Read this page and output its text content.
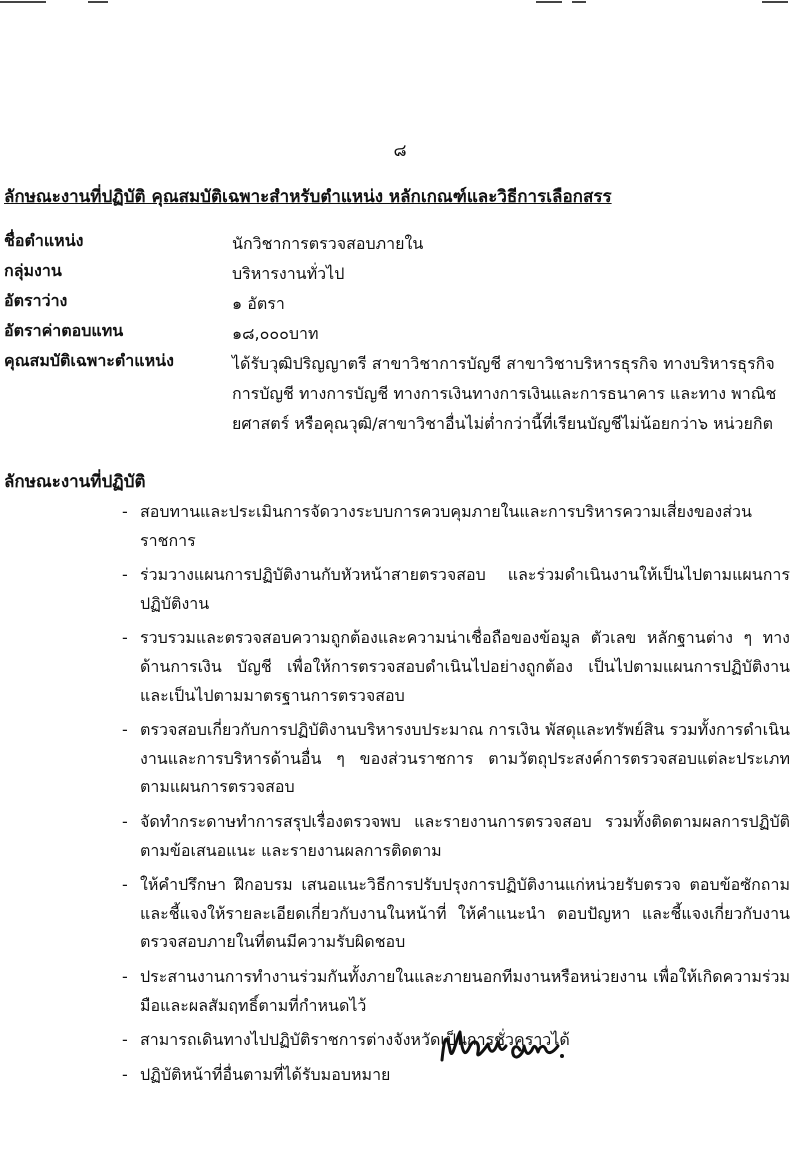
๘
ลักษณะงานที่ปฏิบัติ คุณสมบัติเฉพาะสำหรับตำแหน่ง หลักเกณฑ์และวิธีการเลือกสรร
ชื่อตำแหน่ง	นักวิชาการตรวจสอบภายใน
กลุ่มงาน	บริหารงานทั่วไป
อัตราว่าง	๑ อัตรา
อัตราค่าตอบแทน	๑๘,๐๐๐บาท
คุณสมบัติเฉพาะตำแหน่ง	ได้รับวุฒิปริญญาตรี สาขาวิชาการบัญชี สาขาวิชาบริหารธุรกิจ ทางบริหารธุรกิจ การบัญชี ทางการบัญชี ทางการเงินทางการเงินและการธนาคาร และทาง พาณิชยศาสตร์ หรือคุณวุฒิ/สาขาวิชาอื่นไม่ต่ำกว่านี้ที่เรียนบัญชีไม่น้อยกว่า๖ หน่วยกิต
ลักษณะงานที่ปฏิบัติ
- สอบทานและประเมินการจัดวางระบบการควบคุมภายในและการบริหารความเสี่ยงของส่วนราชการ
- ร่วมวางแผนการปฏิบัติงานกับหัวหน้าสายตรวจสอบ และร่วมดำเนินงานให้เป็นไปตามแผนการปฏิบัติงาน
- รวบรวมและตรวจสอบความถูกต้องและความน่าเชื่อถือของข้อมูล ตัวเลข หลักฐานต่าง ๆ ทางด้านการเงิน บัญชี เพื่อให้การตรวจสอบดำเนินไปอย่างถูกต้อง เป็นไปตามแผนการปฏิบัติงาน และเป็นไปตามมาตรฐานการตรวจสอบ
- ตรวจสอบเกี่ยวกับการปฏิบัติงานบริหารงบประมาณ การเงิน พัสดุและทรัพย์สิน รวมทั้งการดำเนินงานและการบริหารด้านอื่น ๆ ของส่วนราชการ ตามวัตถุประสงค์การตรวจสอบแต่ละประเภทตามแผนการตรวจสอบ
- จัดทำกระดาษทำการสรุปเรื่องตรวจพบ และรายงานการตรวจสอบ รวมทั้งติดตามผลการปฏิบัติตามข้อเสนอแนะ และรายงานผลการติดตาม
- ให้คำปรึกษา ฝึกอบรม เสนอแนะวิธีการปรับปรุงการปฏิบัติงานแก่หน่วยรับตรวจ ตอบข้อซักถามและชี้แจงให้รายละเอียดเกี่ยวกับงานในหน้าที่ ให้คำแนะนำ ตอบปัญหา และชี้แจงเกี่ยวกับงานตรวจสอบภายในที่ตนมีความรับผิดชอบ
- ประสานงานการทำงานร่วมกันทั้งภายในและภายนอกทีมงานหรือหน่วยงาน เพื่อให้เกิดความร่วมมือและผลสัมฤทธิ์ตามที่กำหนดไว้
- สามารถเดินทางไปปฏิบัติราชการต่างจังหวัดเป็นการชั่วคราวได้
- ปฏิบัติหน้าที่อื่นตามที่ได้รับมอบหมาย
